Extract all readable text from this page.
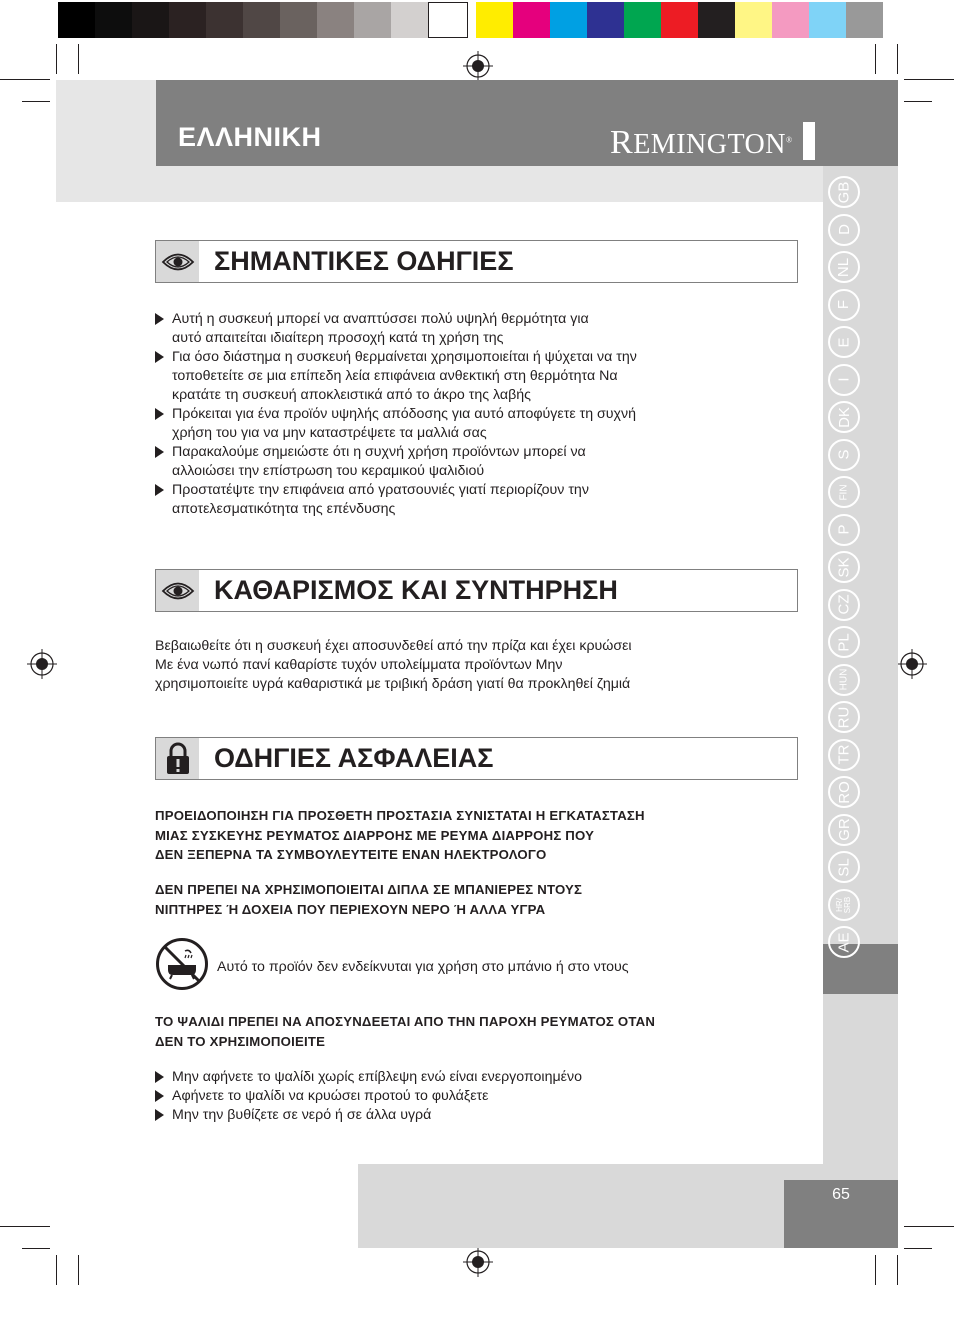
ΕΛΛΗΝΙΚΗ	REMINGTON®
GB
D
NL
F
E
I
DK
S
FIN
P
SK
CZ
PL
HUN
RU
TR
RO
GR
SL
HR/ SRB
AE
65
ΣΗΜΑΝΤΙΚΕΣ ΟΔΗΓΙΕΣ
Αυτή η συσκευή μπορεί να αναπτύσσει πολύ υψηλή θερμότητα για
αυτό απαιτείται ιδιαίτερη προσοχή κατά τη χρήση της
Για όσο διάστημα η συσκευή θερμαίνεται χρησιμοποιείται ή ψύχεται να την
τοποθετείτε σε μια επίπεδη λεία επιφάνεια ανθεκτική στη θερμότητα Να
κρατάτε τη συσκευή αποκλειστικά από το άκρο της λαβής
Πρόκειται για ένα προϊόν υψηλής απόδοσης για αυτό αποφύγετε τη συχνή
χρήση του για να μην καταστρέψετε τα μαλλιά σας
Παρακαλούμε σημειώστε ότι η συχνή χρήση προϊόντων μπορεί να
αλλοιώσει την επίστρωση του κεραμικού ψαλιδιού
Προστατέψτε την επιφάνεια από γρατσουνιές γιατί περιορίζουν την
αποτελεσματικότητα της επένδυσης
ΚΑΘΑΡΙΣΜΟΣ ΚΑΙ ΣΥΝΤΗΡΗΣΗ
Βεβαιωθείτε ότι η συσκευή έχει αποσυνδεθεί από την πρίζα και έχει κρυώσει
Με ένα νωπό πανί καθαρίστε τυχόν υπολείμματα προϊόντων Μην
χρησιμοποιείτε υγρά καθαριστικά με τριβική δράση γιατί θα προκληθεί ζημιά
ΟΔΗΓΙΕΣ ΑΣΦΑΛΕΙΑΣ
ΠΡΟΕΙΔΟΠΟΙΗΣΗ ΓΙΑ ΠΡΟΣΘΕΤΗ ΠΡΟΣΤΑΣΙΑ ΣΥΝΙΣΤΑΤΑΙ Η ΕΓΚΑΤΑΣΤΑΣΗ
ΜΙΑΣ ΣΥΣΚΕΥΗΣ ΡΕΥΜΑΤΟΣ ΔΙΑΡΡΟΗΣ ΜΕ ΡΕΥΜΑ ΔΙΑΡΡΟΗΣ ΠΟΥ
ΔΕΝ ΞΕΠΕΡΝΑ ΤΑ ΣΥΜΒΟΥΛΕΥΤΕΙΤΕ ΕΝΑΝ ΗΛΕΚΤΡΟΛΟΓΟ
ΔΕΝ ΠΡΕΠΕΙ ΝΑ ΧΡΗΣΙΜΟΠΟΙΕΙΤΑΙ ΔΙΠΛΑ ΣΕ ΜΠΑΝΙΕΡΕΣ ΝΤΟΥΣ
ΝΙΠΤΗΡΕΣ Ή ΔΟΧΕΙΑ ΠΟΥ ΠΕΡΙΕΧΟΥΝ ΝΕΡΟ Ή ΑΛΛΑ ΥΓΡΑ
Αυτό το προϊόν δεν ενδείκνυται για χρήση στο μπάνιο ή στο ντους
ΤΟ ΨΑΛΙΔΙ ΠΡΕΠΕΙ ΝΑ ΑΠΟΣΥΝΔΕΕΤΑΙ ΑΠΟ ΤΗΝ ΠΑΡΟΧΗ ΡΕΥΜΑΤΟΣ ΟΤΑΝ
ΔΕΝ ΤΟ ΧΡΗΣΙΜΟΠΟΙΕΙΤΕ
Μην αφήνετε το ψαλίδι χωρίς επίβλεψη ενώ είναι ενεργοποιημένο
Αφήνετε το ψαλίδι να κρυώσει προτού το φυλάξετε
Μην την βυθίζετε σε νερό ή σε άλλα υγρά
